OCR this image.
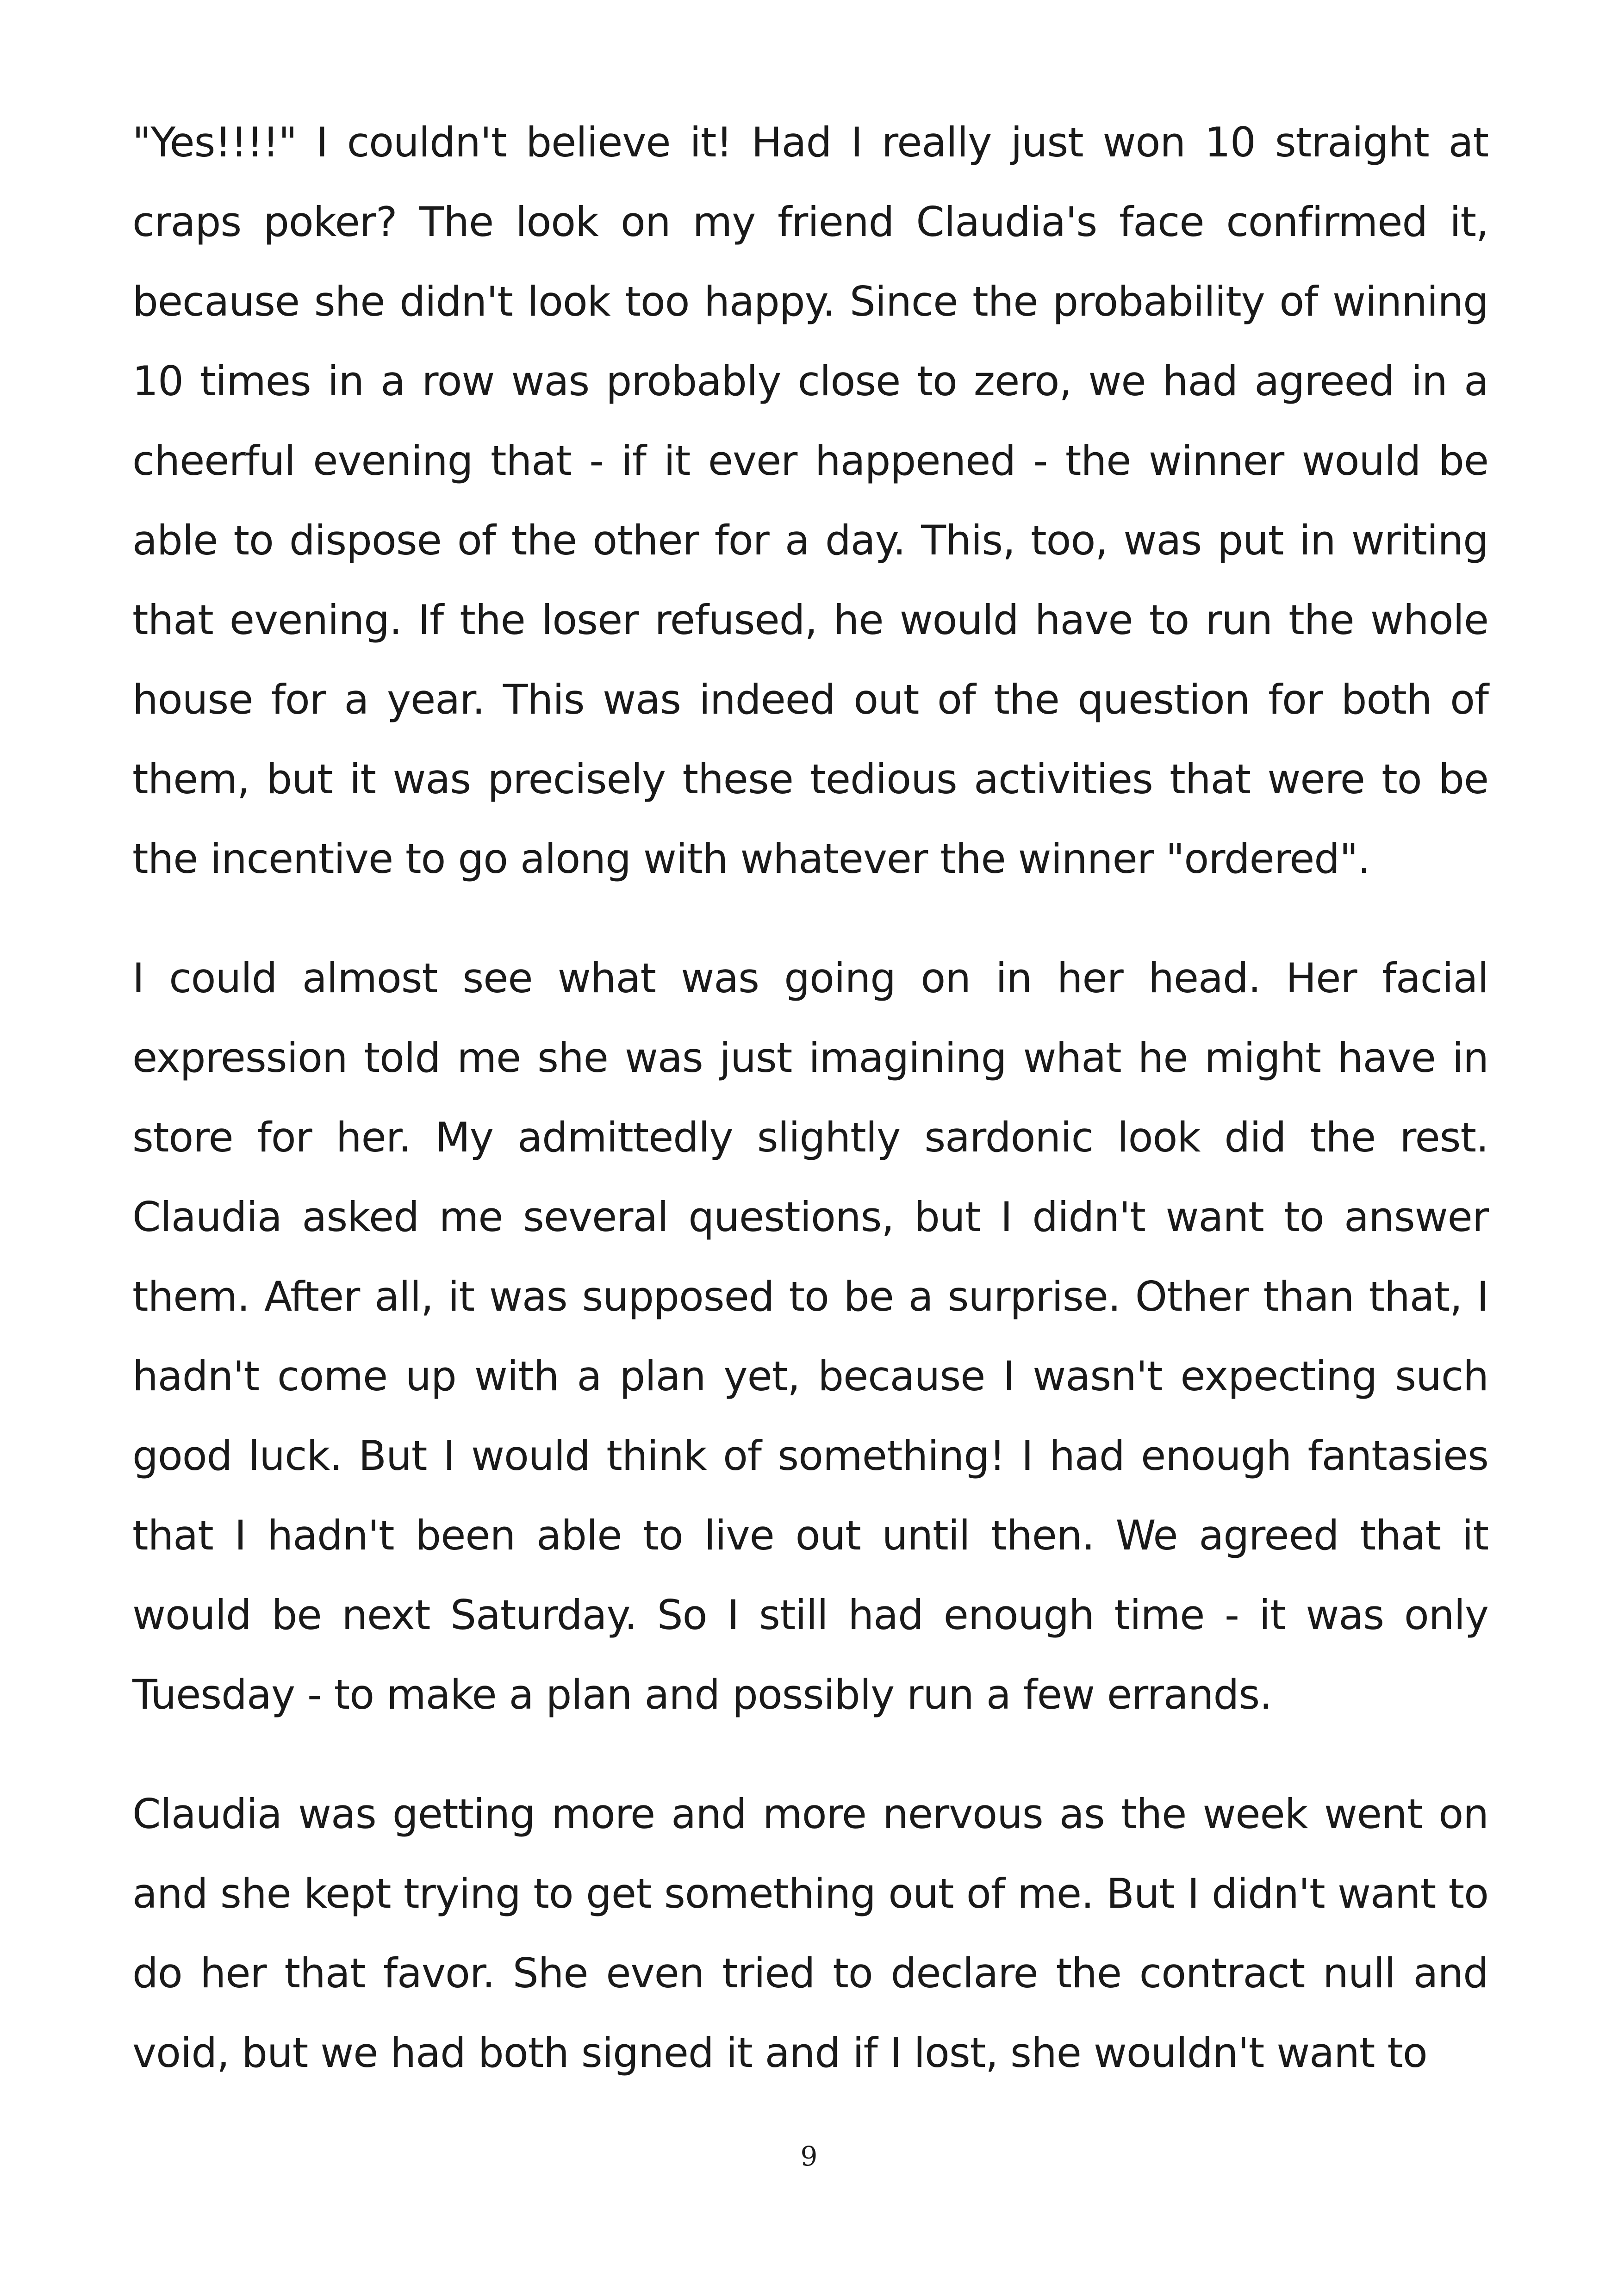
"Yes!!!!" I couldn't believe it! Had I really just won 10 straight at craps poker? The look on my friend Claudia's face confirmed it, because she didn't look too happy. Since the probability of winning 10 times in a row was probably close to zero, we had agreed in a cheerful evening that - if it ever happened - the winner would be able to dispose of the other for a day. This, too, was put in writing that evening. If the loser refused, he would have to run the whole house for a year. This was indeed out of the question for both of them, but it was precisely these tedious activities that were to be the incentive to go along with whatever the winner "ordered".

I could almost see what was going on in her head. Her facial expression told me she was just imagining what he might have in store for her. My admittedly slightly sardonic look did the rest. Claudia asked me several questions, but I didn't want to answer them. After all, it was supposed to be a surprise. Other than that, I hadn't come up with a plan yet, because I wasn't expecting such good luck. But I would think of something! I had enough fantasies that I hadn't been able to live out until then. We agreed that it would be next Saturday. So I still had enough time - it was only Tuesday - to make a plan and possibly run a few errands.

Claudia was getting more and more nervous as the week went on and she kept trying to get something out of me. But I didn't want to do her that favor. She even tried to declare the contract null and void, but we had both signed it and if I lost, she wouldn't want to

9
